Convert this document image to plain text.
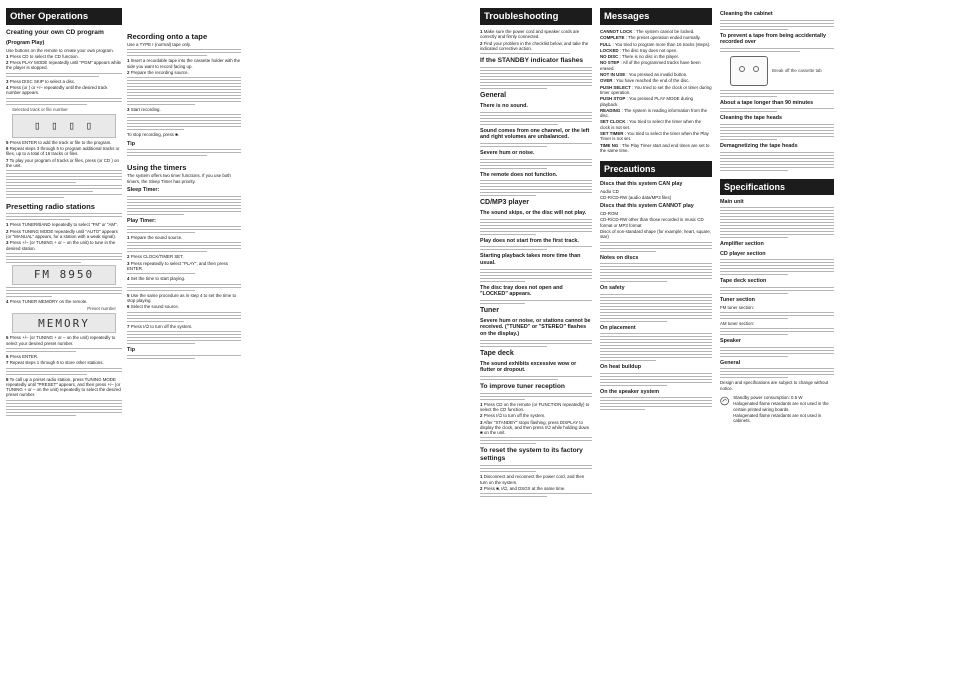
Other Operations
Creating your own CD program
(Program Play)
Use buttons on the remote to create your own program.
1 Press CD to select the CD function.
2 Press PLAY MODE repeatedly until "PGM" appears while the player is stopped.
3 Press DISC SKIP to select a disc.
4 Press (or ) or +/– repeatedly until the desired track number appears.
Selected track or file number
▯ ▯ ▯ ▯
5 Press ENTER to add the track or file to the program.
6 Repeat steps 3 through 5 to program additional tracks or files, up to a total of 16 tracks or files.
7 To play your program of tracks or files, press (or CD ) on the unit.
Presetting radio stations
1 Press TUNER/BAND repeatedly to select "FM" or "AM".
2 Press TUNING MODE repeatedly until "AUTO" appears (or "MANUAL" appears, for a station with a weak signal).
3 Press +/– (or TUNING + or – on the unit) to tune in the desired station.
FM 8950
4 Press TUNER MEMORY on the remote.
Preset number
MEMORY
5 Press +/– (or TUNING + or – on the unit) repeatedly to select your desired preset number.
6 Press ENTER.
7 Repeat steps 1 through 6 to store other stations.
8 To call up a preset radio station, press TUNING MODE repeatedly until "PRESET" appears, and then press +/– (or TUNING + or – on the unit) repeatedly to select the desired preset number.
Recording onto a tape
Use a TYPE I (normal) tape only.
1 Insert a recordable tape into the cassette holder with the side you want to record facing up.
2 Prepare the recording source.
3 Start recording.
To stop recording, press ■.
Tip
Using the timers
The system offers two timer functions. If you use both timers, the Sleep Timer has priority.
Sleep Timer:
Play Timer:
1 Prepare the sound source.
2 Press CLOCK/TIMER SET.
3 Press repeatedly to select "PLAY", and then press ENTER.
4 Set the time to start playing.
5 Use the same procedure as in step 4 to set the time to stop playing.
6 Select the sound source.
7 Press I/⏻ to turn off the system.
Tip
Troubleshooting
1 Make sure the power cord and speaker cords are correctly and firmly connected.
2 Find your problem in the checklist below, and take the indicated corrective action.
If the STANDBY indicator flashes
General
There is no sound.
Sound comes from one channel, or the left and right volumes are unbalanced.
Severe hum or noise.
The remote does not function.
CD/MP3 player
The sound skips, or the disc will not play.
Play does not start from the first track.
Starting playback takes more time than usual.
The disc tray does not open and "LOCKED" appears.
Tuner
Severe hum or noise, or stations cannot be received. ("TUNED" or "STEREO" flashes on the display.)
Tape deck
The sound exhibits excessive wow or flutter or dropout.
To improve tuner reception
1 Press CD on the remote (or FUNCTION repeatedly) to select the CD function.
2 Press I/⏻ to turn off the system.
3 After "STANDBY" stops flashing, press DISPLAY to display the clock, and then press I/⏻ while holding down ■ on the unit.
To reset the system to its factory settings
1 Disconnect and reconnect the power cord, and then turn on the system.
2 Press ■, I/⏻, and DSGX at the same time.
Messages
CANNOT LOCK : The system cannot be locked.
COMPLETE : The preset operation ended normally.
FULL : You tried to program more than 16 tracks (steps).
LOCKED : The disc tray does not open.
NO DISC : There is no disc in the player.
NO STEP : All of the programmed tracks have been erased.
NOT IN USE : You pressed an invalid button.
OVER : You have reached the end of the disc.
PUSH SELECT : You tried to set the clock or timer during timer operation.
PUSH STOP : You pressed PLAY MODE during playback.
READING : The system is reading information from the disc.
SET CLOCK : You tried to select the timer when the clock is not set.
SET TIMER : You tried to select the timer when the Play Timer is not set.
TIME NG : The Play Timer start and end times are set to the same time.
Precautions
Discs that this system CAN play
Audio CD
CD-R/CD-RW (audio data/MP3 files)
Discs that this system CANNOT play
CD-ROM
CD-R/CD-RW other than those recorded in music CD format or MP3 format
Discs of non-standard shape (for example, heart, square, star)
Notes on discs
On safety
On placement
On heat buildup
On the speaker system
Cleaning the cabinet
To prevent a tape from being accidentally recorded over
Break off the cassette tab
About a tape longer than 90 minutes
Cleaning the tape heads
Demagnetizing the tape heads
Specifications
Main unit
Amplifier section
CD player section
Tape deck section
Tuner section
FM tuner section:
AM tuner section:
Speaker
General
Design and specifications are subject to change without notice.
Standby power consumption: 0.5 W
Halogenated flame retardants are not used in the certain printed wiring boards.
Halogenated flame retardants are not used in cabinets.
